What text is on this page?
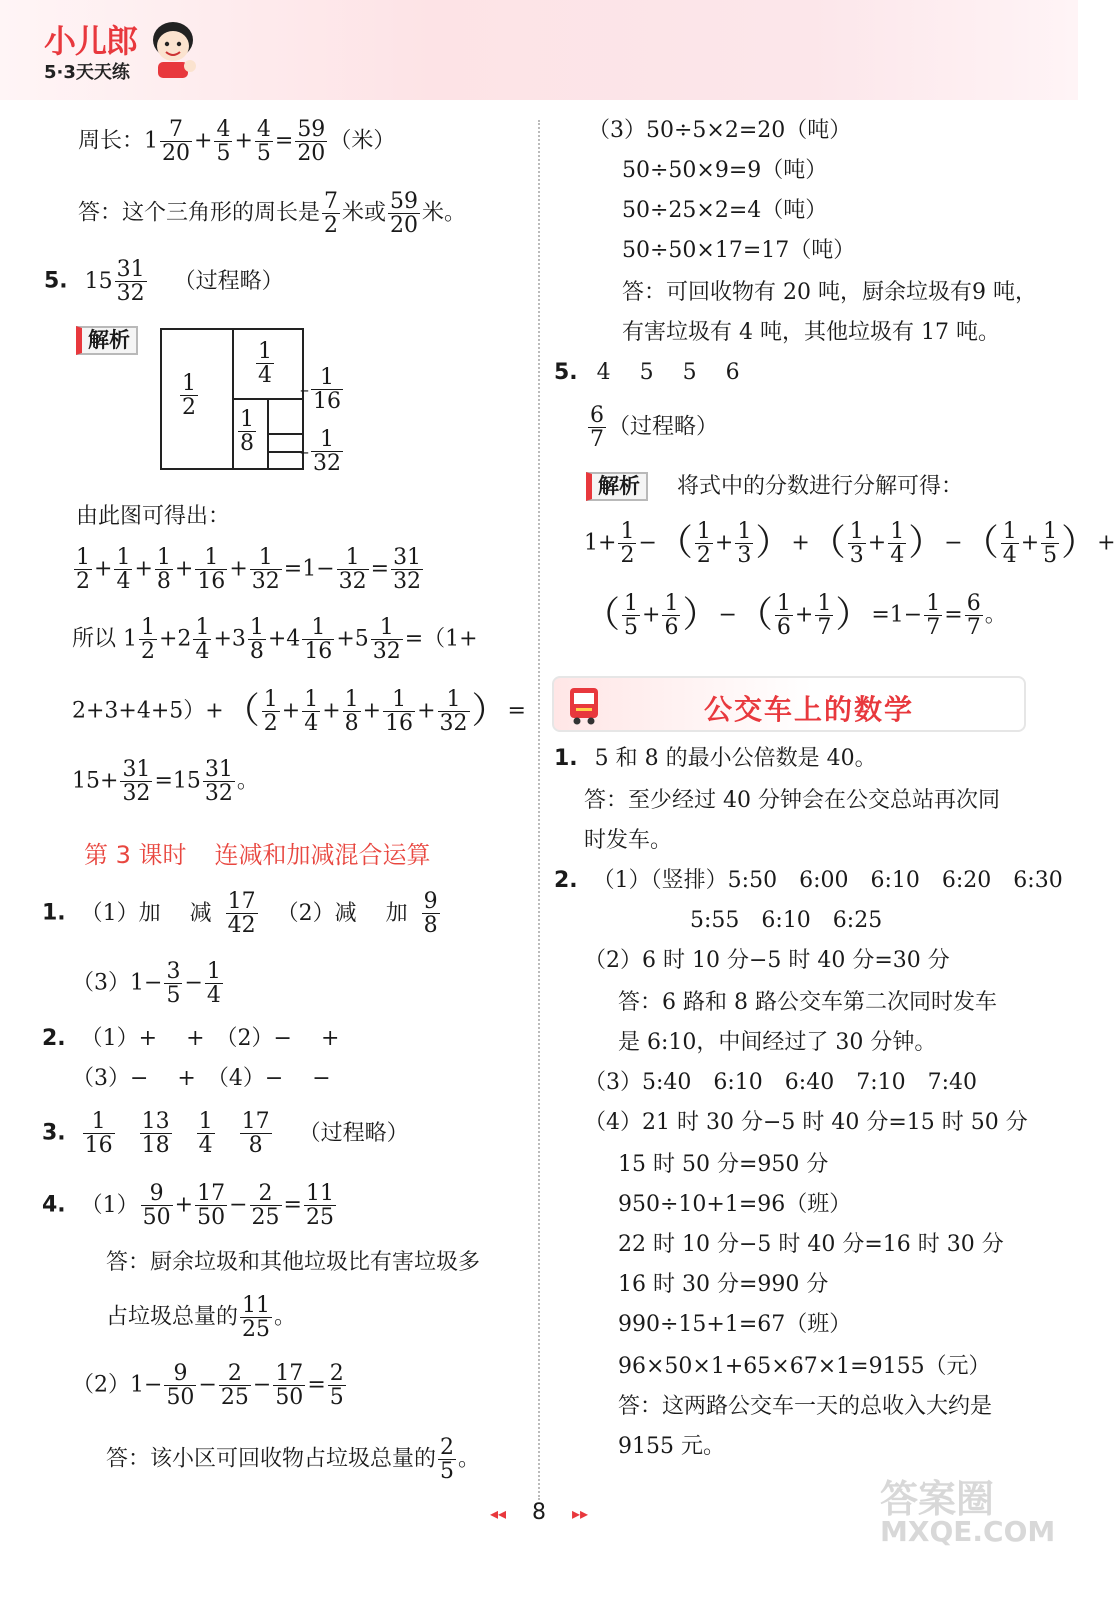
小儿郎
5·3天天练
周长：$1 \frac{7}{20} + \frac{4}{5} + \frac{4}{5} = \frac{59}{20}$ （米）
答：这个三角形的周长是 $\frac{7}{2}$ 米或 $\frac{59}{20}$ 米。
5. $15 \frac{31}{32}$ （过程略）
解析
$\frac{1}{2}$
$\frac{1}{4}$
$\frac{1}{8}$
– $\frac{1}{16}$
– $\frac{1}{32}$
由此图可得出：
$\frac{1}{2} + \frac{1}{4} + \frac{1}{8} + \frac{1}{16} + \frac{1}{32} =1- \frac{1}{32} = \frac{31}{32}$
所以 $1 \frac{1}{2} +2 \frac{1}{4} +3 \frac{1}{8} +4 \frac{1}{16} +5 \frac{1}{32} =(1+$
$2+3+4+5)+( \frac{1}{2} + \frac{1}{4} + \frac{1}{8} + \frac{1}{16} + \frac{1}{32}$ ）=
$15+ \frac{31}{32} =15 \frac{31}{32}$ 。
第 3 课时 连减和加减混合运算
1. （1）加　 减 $\frac{17}{42} (2)$减　 加 $\frac{9}{8}$
$(3)1- \frac{3}{5} - \frac{1}{4}$
2. （1）+　 +　（2）−　 +
（3）−　 +　（4）−　 −
3. $\frac{1}{16}$
$\frac{13}{18}$
$\frac{1}{4}$
$\frac{17}{8}$ （过程略）
4. $(1) \frac{9}{50} + \frac{17}{50} - \frac{2}{25} = \frac{11}{25}$
答：厨余垃圾和其他垃圾比有害垃圾多
占垃圾总量的 $\frac{11}{25}$ 。
$(2)1- \frac{9}{50} - \frac{2}{25} - \frac{17}{50} = \frac{2}{5}$
答：该小区可回收物占垃圾总量的 $\frac{2}{5}$ 。
（3）50÷5×2=20（吨）
50÷50×9=9（吨）
50÷25×2=4（吨）
50÷50×17=17（吨）
答：可回收物有 20 吨，厨余垃圾有9 吨，
有害垃圾有 4 吨，其他垃圾有 17 吨。
5. 4　 5　 5　 6
$\frac{6}{7}$ （过程略）
解析 将式中的分数进行分解可得：
$1+ \frac{1}{2}$ −（ $\frac{1}{2} + \frac{1}{3}$ ）+（ $\frac{1}{3} + \frac{1}{4}$ ）−（ $\frac{1}{4} + \frac{1}{5}$ ）+
（ $\frac{1}{5} + \frac{1}{6}$ ）−（ $\frac{1}{6} + \frac{1}{7} )=1- \frac{1}{7} = \frac{6}{7}$ 。
公交车上的数学
1. 5 和 8 的最小公倍数是 40。
答：至少经过 40 分钟会在公交总站再次同
时发车。
2. （1）（竖排）5:50　6:00　6:10　6:20　6:30
5:55　6:10　6:25
（2）6 时 10 分−5 时 40 分=30 分
答：6 路和 8 路公交车第二次同时发车
是 6:10，中间经过了 30 分钟。
（3）5:40　6:10　6:40　7:10　7:40
（4）21 时 30 分−5 时 40 分=15 时 50 分
15 时 50 分=950 分
950÷10+1=96（班）
22 时 10 分−5 时 40 分=16 时 30 分
16 时 30 分=990 分
990÷15+1=67（班）
96×50×1+65×67×1=9155（元）
答：这两路公交车一天的总收入大约是
9155 元。
◂◂ 8 ▸▸	答案圈
MXQE.COM
